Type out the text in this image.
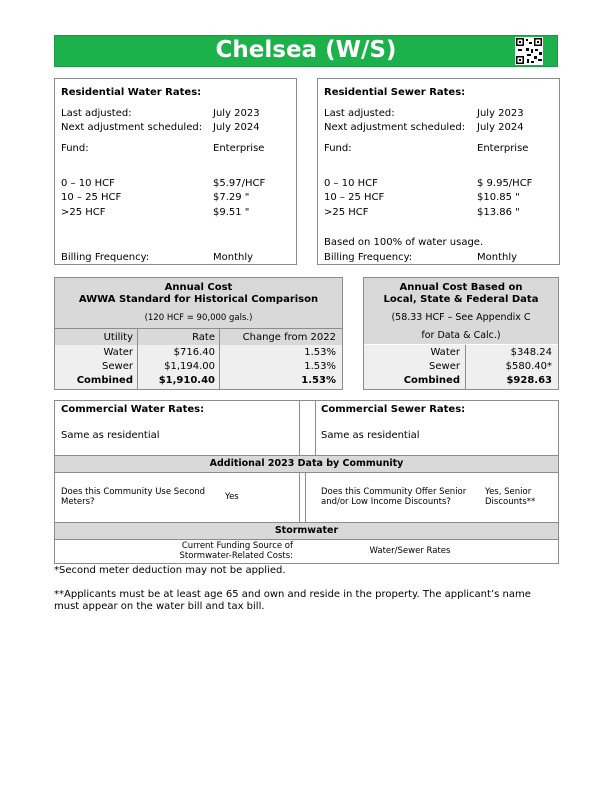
Chelsea (W/S)
Residential Water Rates:
Last adjusted:	July 2023
Next adjustment scheduled: July 2024
Fund:	Enterprise
0 – 10 HCF	$5.97/HCF
10 – 25 HCF	$7.29 "
>25 HCF	$9.51 "
Billing Frequency:	Monthly
Residential Sewer Rates:
Last adjusted:	July 2023
Next adjustment scheduled: July 2024
Fund:	Enterprise
0 – 10 HCF	$ 9.95/HCF
10 – 25 HCF	$10.85 "
>25 HCF	$13.86 "
Based on 100% of water usage.
Billing Frequency:	Monthly
Annual Cost
AWWA Standard for Historical Comparison
(120 HCF = 90,000 gals.)
Utility	Rate	Change from 2022
Water	$716.40	1.53%
Sewer	$1,194.00	1.53%
Combined	$1,910.40	1.53%
Annual Cost Based on
Local, State & Federal Data
(58.33 HCF – See Appendix C
for Data & Calc.)
Water	$348.24
Sewer	$580.40*
Combined	$928.63
Commercial Water Rates:
Same as residential
Commercial Sewer Rates:
Same as residential
Additional 2023 Data by Community
Does this Community Use Second Meters?	Yes	Does this Community Offer Senior and/or Low Income Discounts?
Yes, Senior Discounts**
Stormwater
Current Funding Source of Stormwater-Related Costs:	Water/Sewer Rates
*Second meter deduction may not be applied.
**Applicants must be at least age 65 and own and reside in the property. The applicant’s name must appear on the water bill and tax bill.
